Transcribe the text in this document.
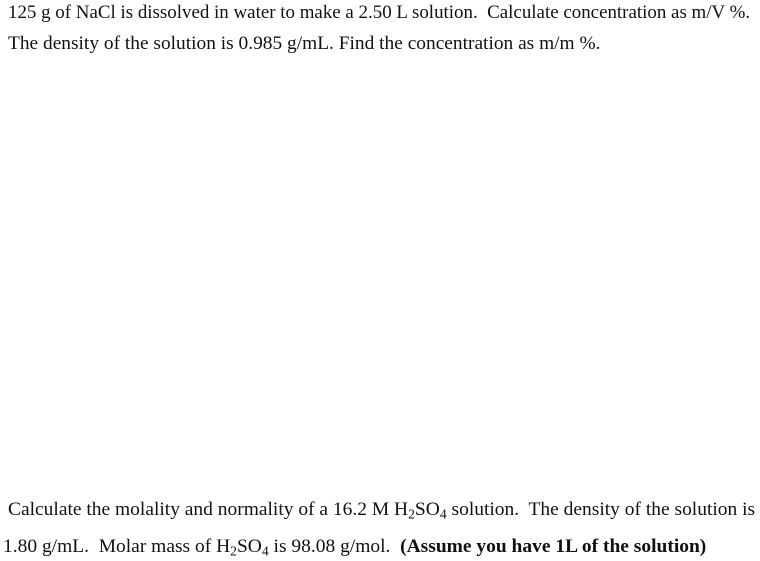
125 g of NaCl is dissolved in water to make a 2.50 L solution.  Calculate concentration as m/V %.
The density of the solution is 0.985 g/mL. Find the concentration as m/m %.
Calculate the molality and normality of a 16.2 M $H_2SO_4$ solution.  The density of the solution is
1.80 g/mL.  Molar mass of $H_2SO_4$ is 98.08 g/mol.  (Assume you have 1L of the solution)
